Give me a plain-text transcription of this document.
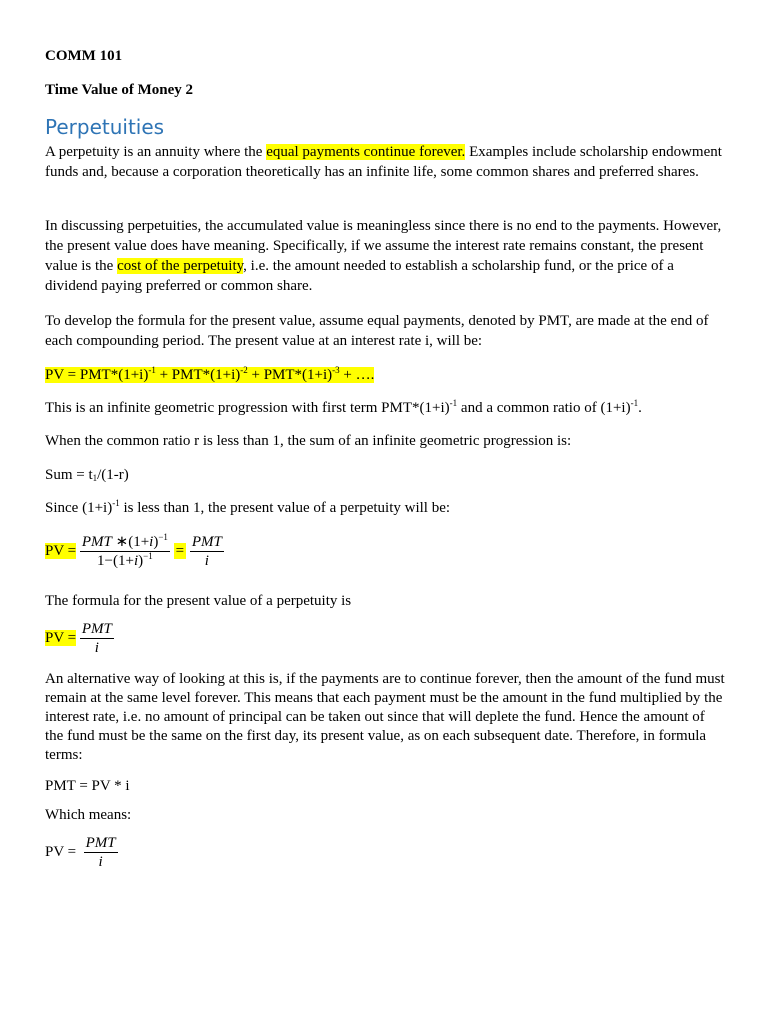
COMM 101
Time Value of Money 2
Perpetuities
A perpetuity is an annuity where the equal payments continue forever. Examples include scholarship endowment funds and, because a corporation theoretically has an infinite life, some common shares and preferred shares.
In discussing perpetuities, the accumulated value is meaningless since there is no end to the payments. However, the present value does have meaning. Specifically, if we assume the interest rate remains constant, the present value is the cost of the perpetuity, i.e. the amount needed to establish a scholarship fund, or the price of a dividend paying preferred or common share.
To develop the formula for the present value, assume equal payments, denoted by PMT, are made at the end of each compounding period. The present value at an interest rate i, will be:
PV = $PMT*(1+i)^{-1} + PMT*(1+i)^{-2} + PMT*(1+i)^{-3}$ + ….
This is an infinite geometric progression with first term $PMT*(1+i)^{-1}$ and a common ratio of $(1+i)^{-1}$.
When the common ratio r is less than 1, the sum of an infinite geometric progression is:
Sum = $t_1/(1-r)$
Since $(1+i)^{-1}$ is less than 1, the present value of a perpetuity will be:
PV = $\frac{PMT ∗(1+i)^{-1}}{1-(1+i)^{-1}} = \frac{\text{PMT}}{i}$
The formula for the present value of a perpetuity is
PV = $\frac{\text{PMT}}{i}$
An alternative way of looking at this is, if the payments are to continue forever, then the amount of the fund must remain at the same level forever. This means that each payment must be the amount in the fund multiplied by the interest rate, i.e. no amount of principal can be taken out since that will deplete the fund. Hence the amount of the fund must be the same on the first day, its present value, as on each subsequent date. Therefore, in formula terms:
PMT = PV * i
Which means:
PV = $\frac{\text{PMT}}{i}$
